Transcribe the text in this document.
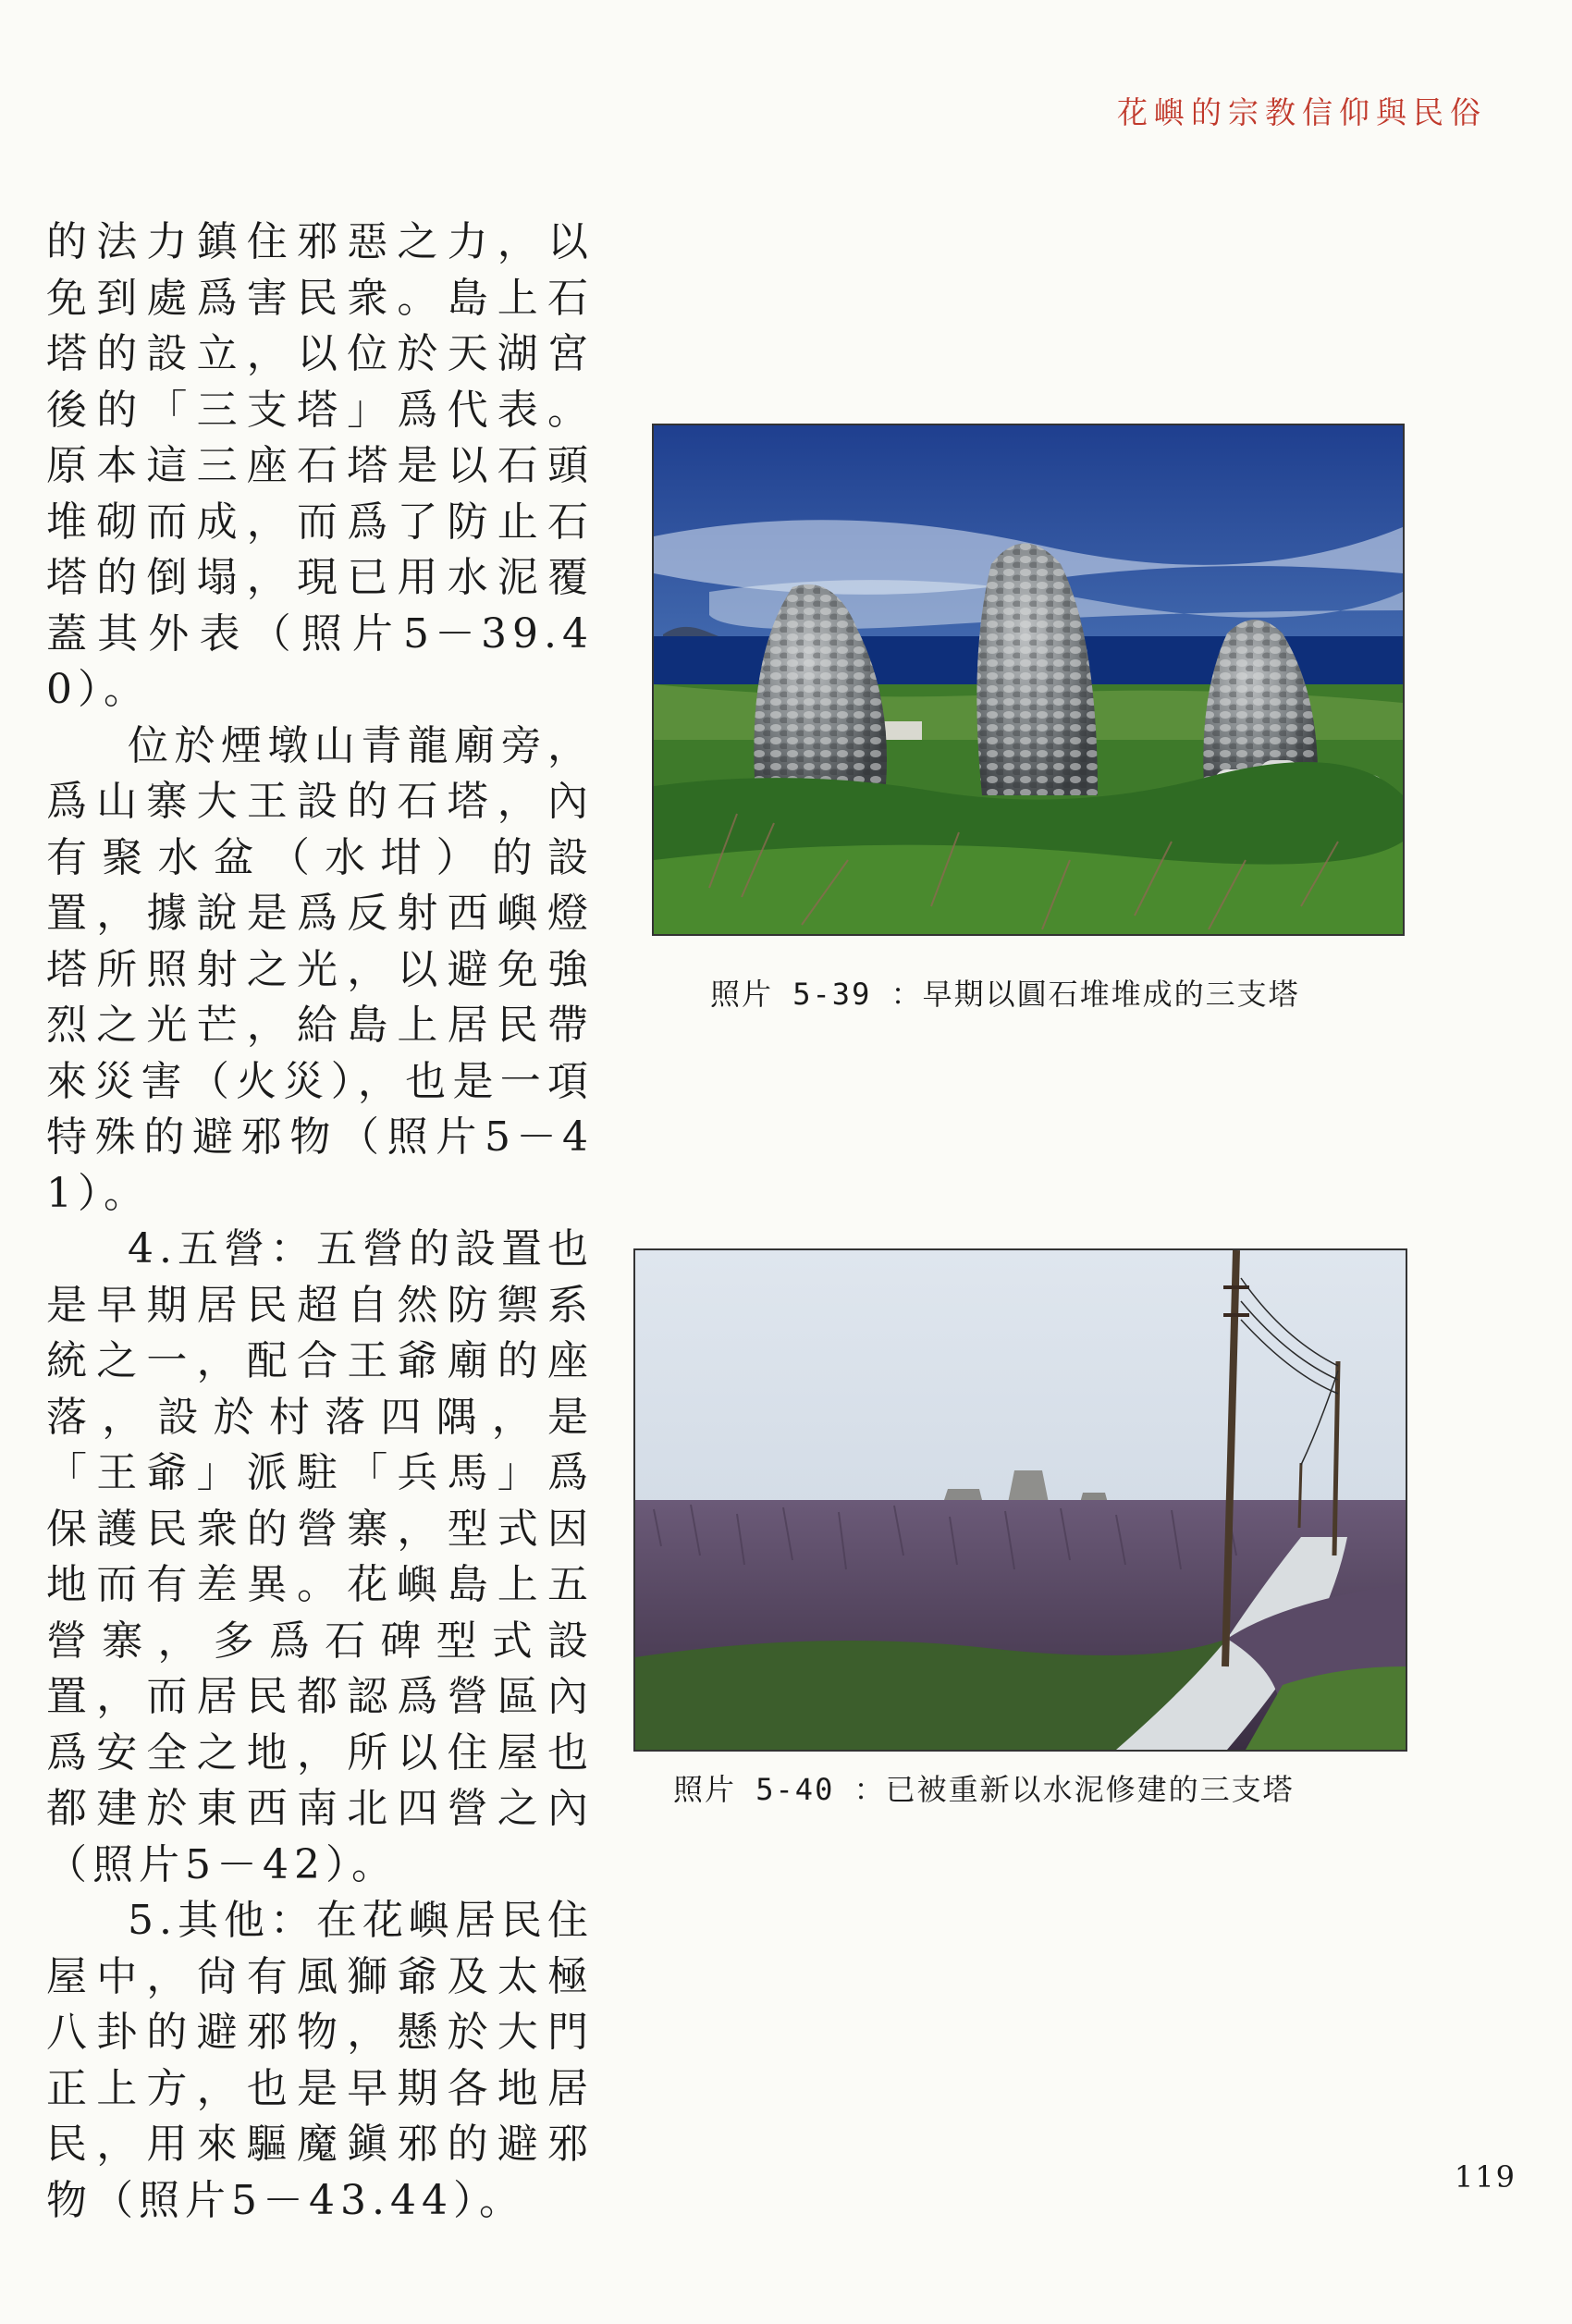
花嶼的宗教信仰與民俗

的法力鎮住邪惡之力，以免到處爲害民衆。島上石塔的設立，以位於天湖宮後的「三支塔」爲代表。原本這三座石塔是以石頭堆砌而成，而爲了防止石塔的倒塌，現已用水泥覆蓋其外表（照片5－39.40）。

位於煙墩山青龍廟旁，爲山寨大王設的石塔，內有聚水盆（水坩）的設置，據說是爲反射西嶼燈塔所照射之光，以避免強烈之光芒，給島上居民帶來災害（火災），也是一項特殊的避邪物（照片5－41）。

4.五營：五營的設置也是早期居民超自然防禦系統之一，配合王爺廟的座落，設於村落四隅，是「王爺」派駐「兵馬」爲保護民衆的營寨，型式因地而有差異。花嶼島上五營寨，多爲石碑型式設置，而居民都認爲營區內爲安全之地，所以住屋也都建於東西南北四營之內（照片5－42）。

5.其他：在花嶼居民住屋中，尙有風獅爺及太極八卦的避邪物，懸於大門正上方，也是早期各地居民，用來驅魔鎭邪的避邪物（照片5－43.44）。

照片 5-39 ：早期以圓石堆堆成的三支塔
照片 5-40 ：已被重新以水泥修建的三支塔
119
